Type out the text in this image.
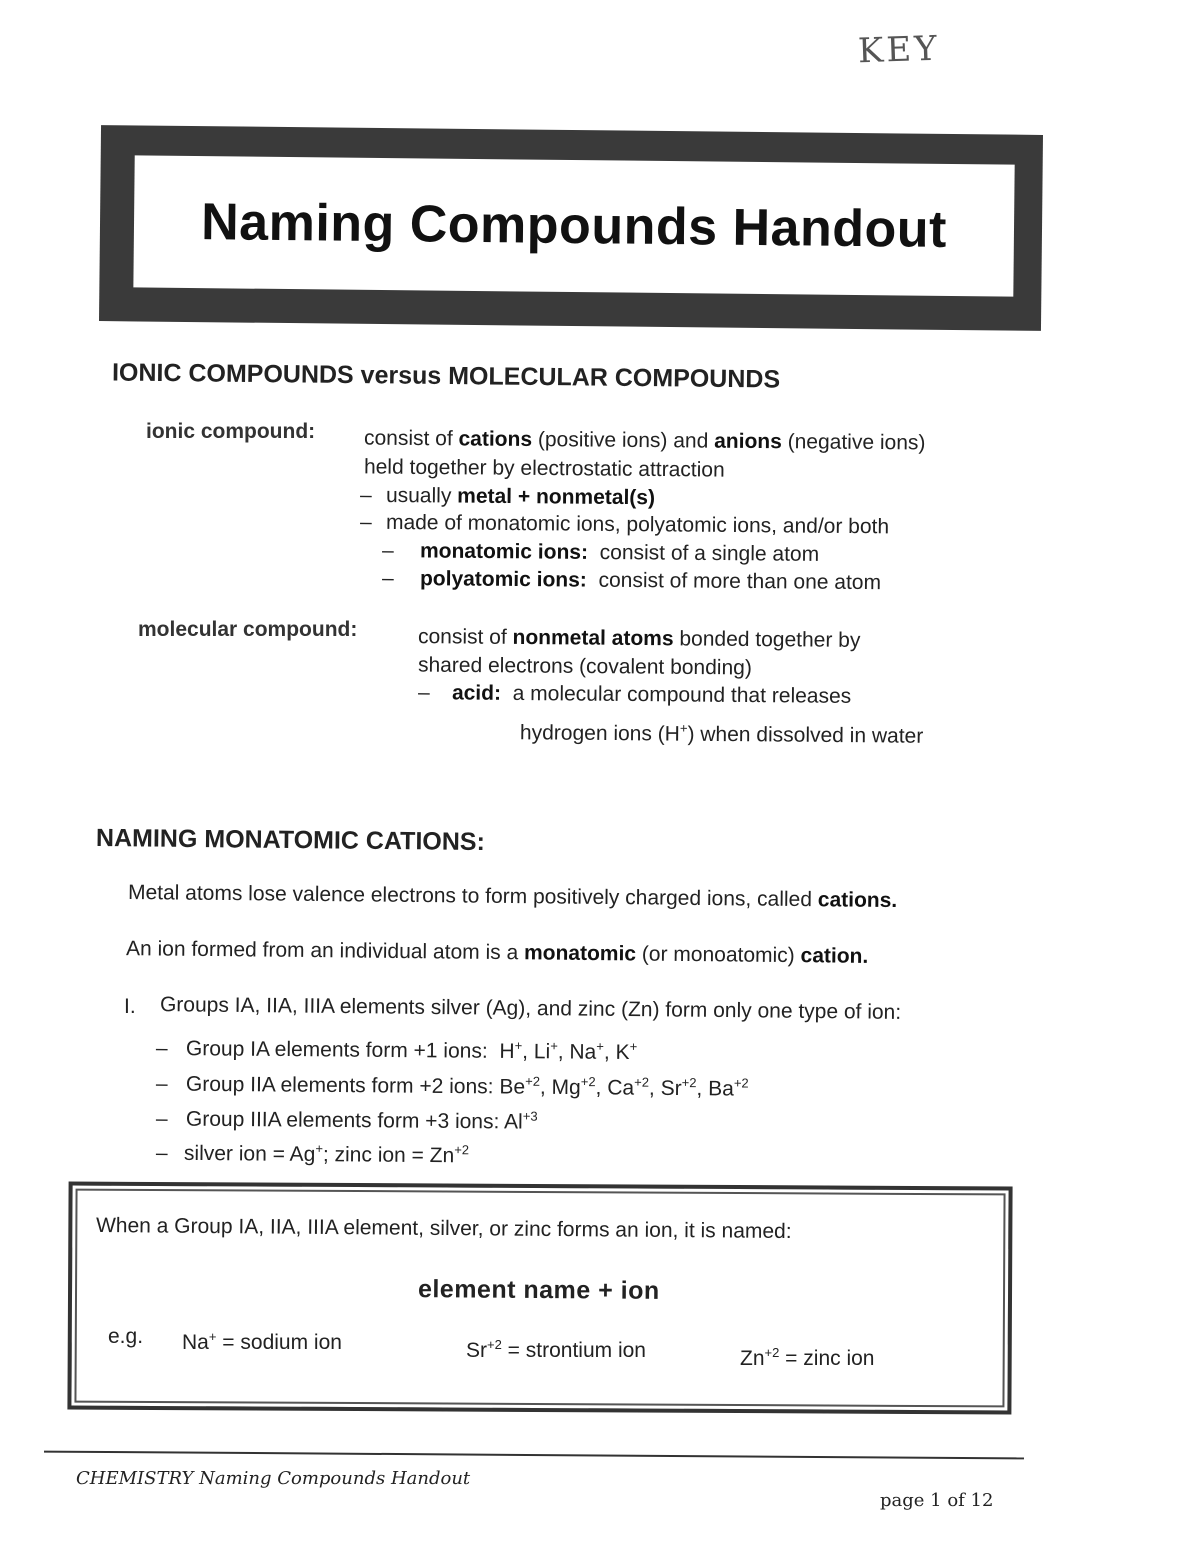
KEY
Naming Compounds Handout
IONIC COMPOUNDS versus MOLECULAR COMPOUNDS
ionic compound: consist of cations (positive ions) and anions (negative ions)
held together by electrostatic attraction
– usually metal + nonmetal(s)
– made of monatomic ions, polyatomic ions, and/or both
– monatomic ions: consist of a single atom
– polyatomic ions: consist of more than one atom
molecular compound:	consist of nonmetal atoms bonded together by
shared electrons (covalent bonding)
– acid: a molecular compound that releases
hydrogen ions (H+) when dissolved in water
NAMING MONATOMIC CATIONS:
Metal atoms lose valence electrons to form positively charged ions, called cations.
An ion formed from an individual atom is a monatomic (or monoatomic) cation.
I. Groups IA, IIA, IIIA elements silver (Ag), and zinc (Zn) form only one type of ion:
– Group IA elements form +1 ions: H+, Li+, Na+, K+
– Group IIA elements form +2 ions: $Be^{+2}$, $Mg^{+2}$, $Ca^{+2}$, $Sr^{+2}$, $Ba^{+2}$
– Group IIIA elements form +3 ions: $Al^{+3}$
– silver ion = Ag+; zinc ion = $Zn^{+2}$
When a Group IA, IIA, IIIA element, silver, or zinc forms an ion, it is named:
element name + ion
e.g. Na+ = sodium ion	$Sr^{+2}$ = strontium ion	$Zn^{+2}$ = zinc ion
CHEMISTRY Naming Compounds Handout
page 1 of 12
